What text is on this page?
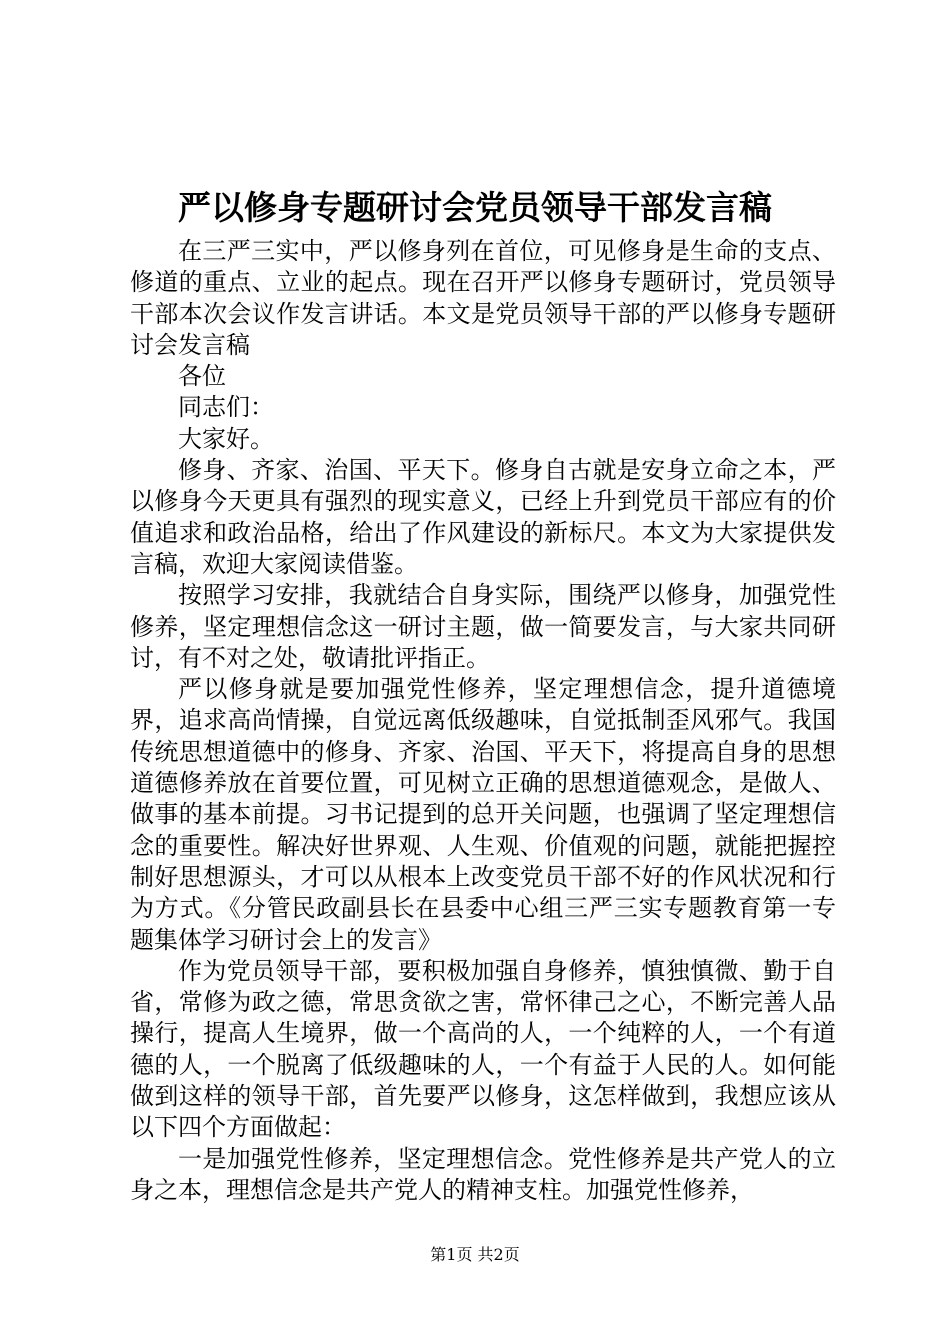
严以修身专题研讨会党员领导干部发言稿

在三严三实中，严以修身列在首位，可见修身是生命的支点、修道的重点、立业的起点。现在召开严以修身专题研讨，党员领导干部本次会议作发言讲话。本文是党员领导干部的严以修身专题研讨会发言稿

各位

同志们：

大家好。

修身、齐家、治国、平天下。修身自古就是安身立命之本，严以修身今天更具有强烈的现实意义，已经上升到党员干部应有的价值追求和政治品格，给出了作风建设的新标尺。本文为大家提供发言稿，欢迎大家阅读借鉴。

按照学习安排，我就结合自身实际，围绕严以修身，加强党性修养，坚定理想信念这一研讨主题，做一简要发言，与大家共同研讨，有不对之处，敬请批评指正。

严以修身就是要加强党性修养，坚定理想信念，提升道德境界，追求高尚情操，自觉远离低级趣味，自觉抵制歪风邪气。我国传统思想道德中的修身、齐家、治国、平天下，将提高自身的思想道德修养放在首要位置，可见树立正确的思想道德观念，是做人、做事的基本前提。习书记提到的总开关问题，也强调了坚定理想信念的重要性。解决好世界观、人生观、价值观的问题，就能把握控制好思想源头，才可以从根本上改变党员干部不好的作风状况和行为方式。《分管民政副县长在县委中心组三严三实专题教育第一专题集体学习研讨会上的发言》

作为党员领导干部，要积极加强自身修养，慎独慎微、勤于自省，常修为政之德，常思贪欲之害，常怀律己之心，不断完善人品操行，提高人生境界，做一个高尚的人，一个纯粹的人，一个有道德的人，一个脱离了低级趣味的人，一个有益于人民的人。如何能做到这样的领导干部，首先要严以修身，这怎样做到，我想应该从以下四个方面做起：

一是加强党性修养，坚定理想信念。党性修养是共产党人的立身之本，理想信念是共产党人的精神支柱。加强党性修养，

第1页 共2页
